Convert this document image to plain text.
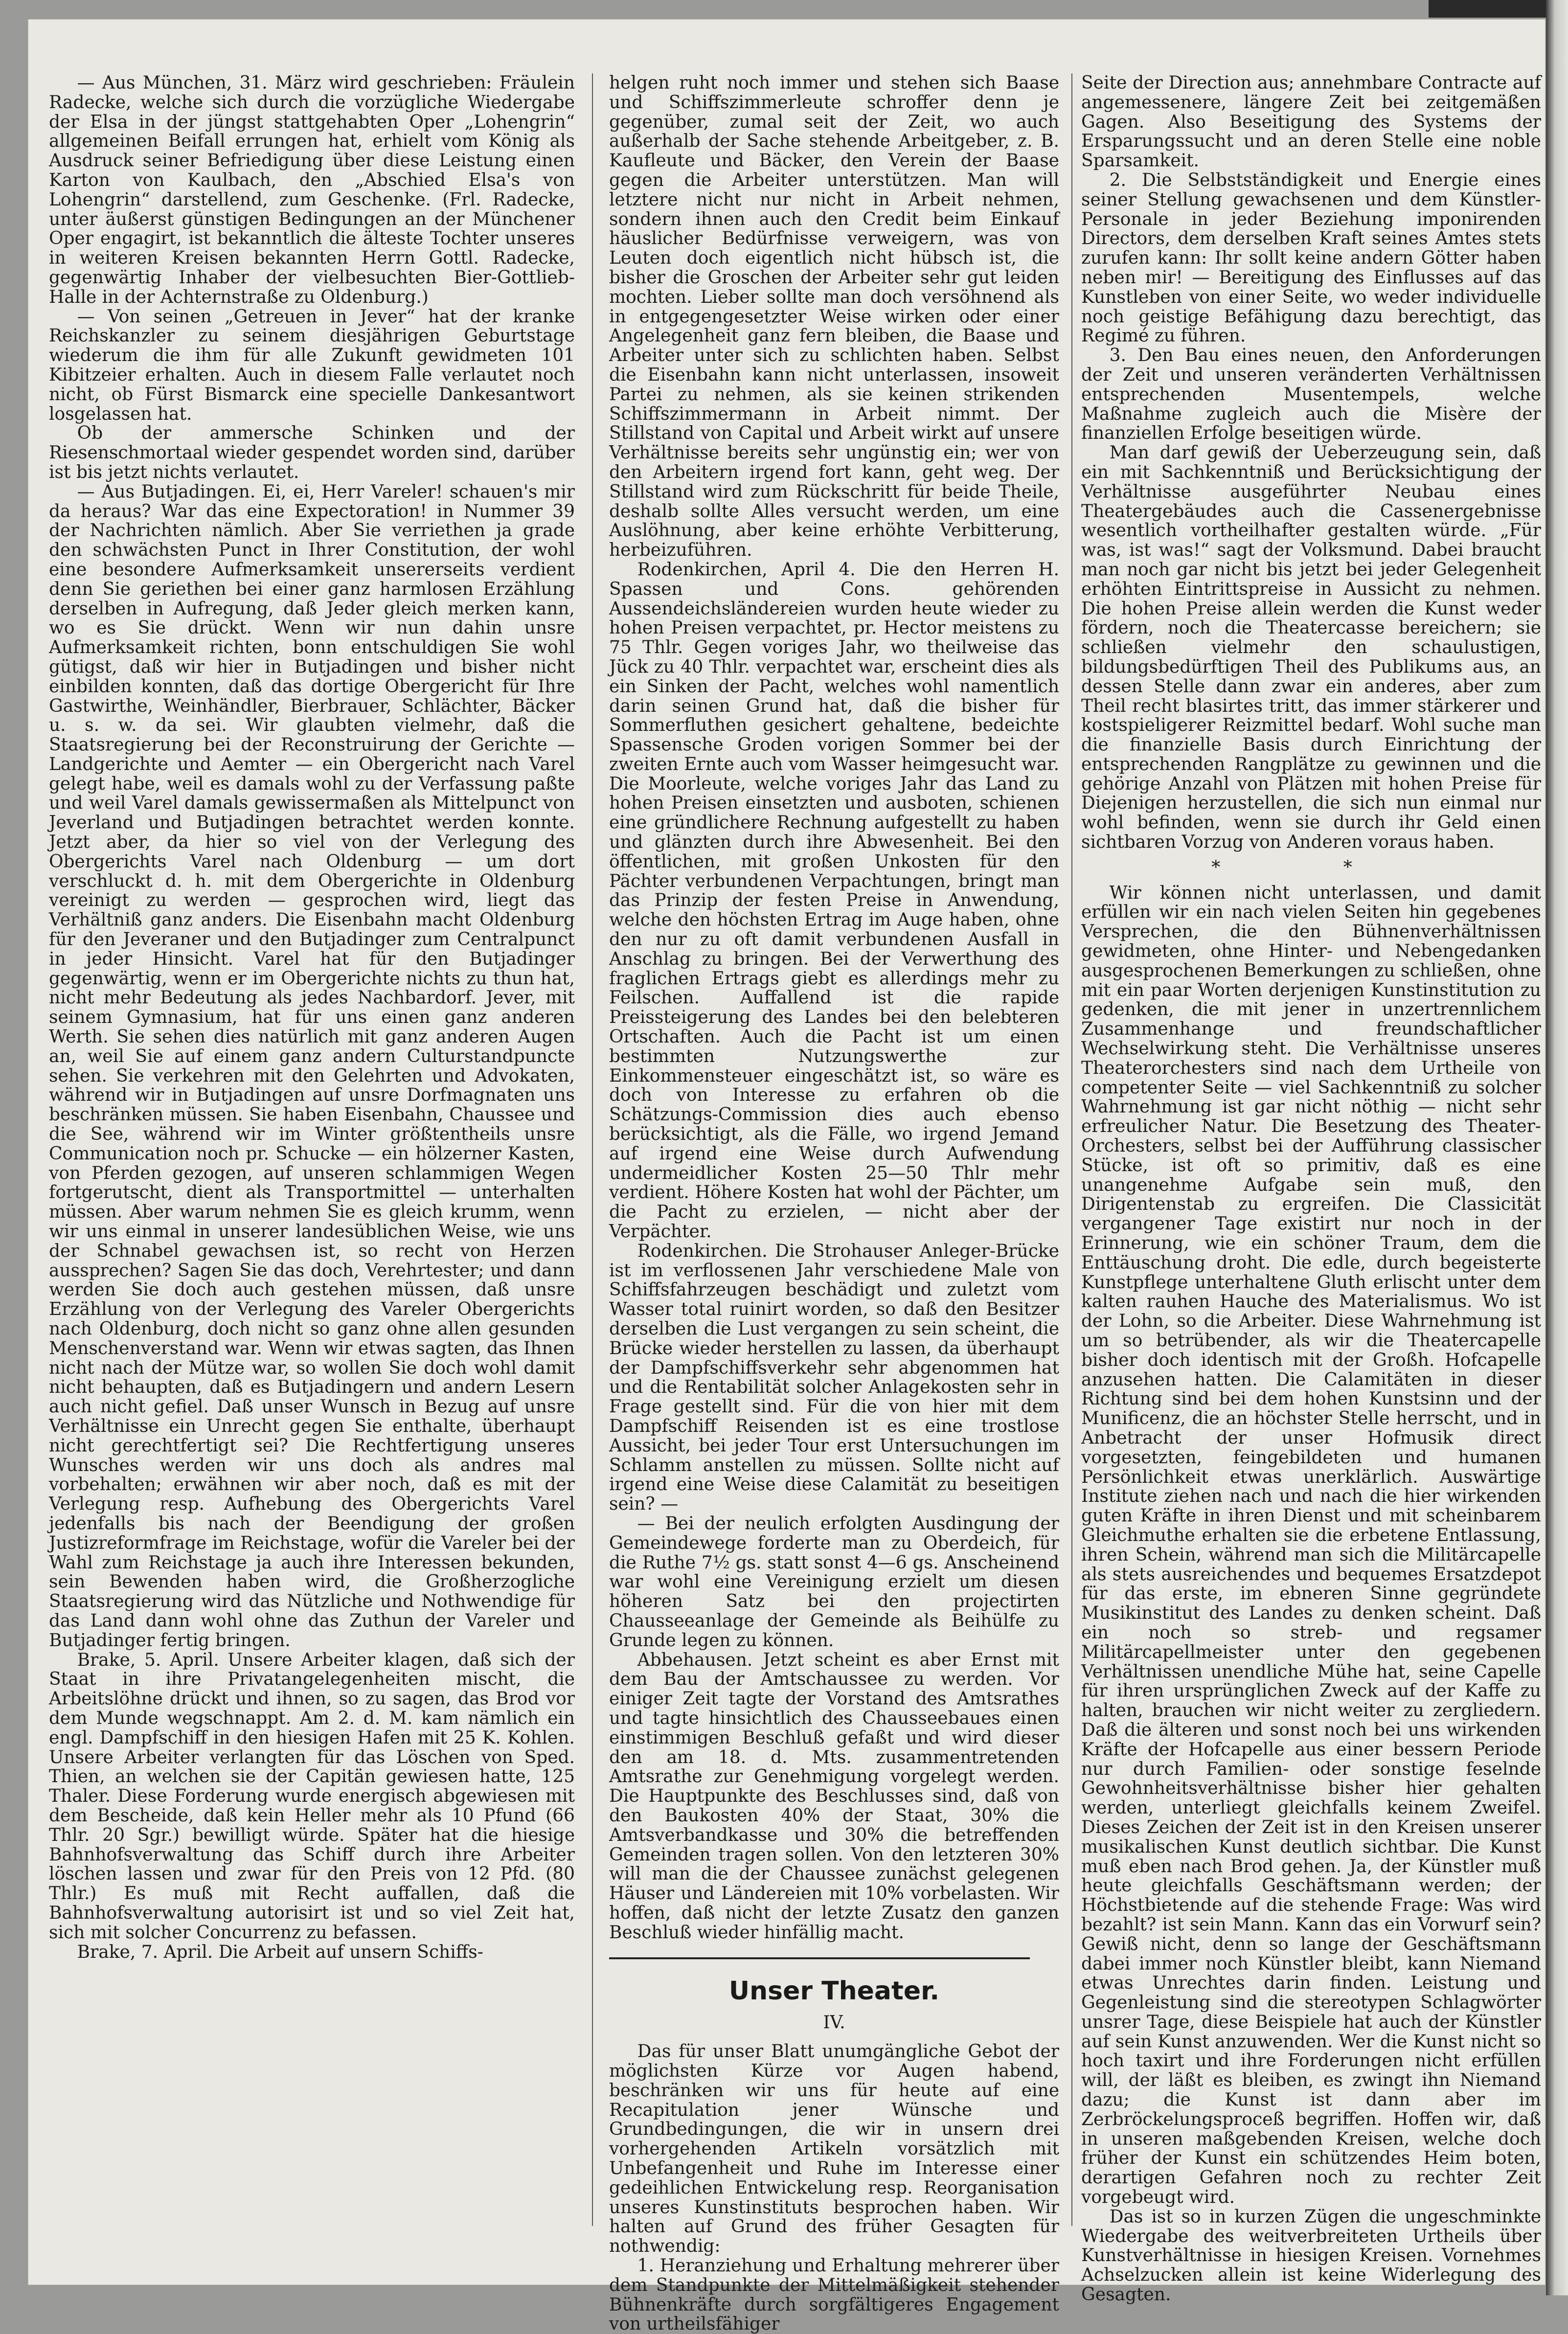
— Aus München, 31. März wird geschrieben: Fräulein Radecke, welche sich durch die vorzügliche Wiedergabe der Elsa in der jüngst stattgehabten Oper „Lohengrin“ allgemeinen Beifall errungen hat, erhielt vom König als Ausdruck seiner Befriedigung über diese Leistung einen Karton von Kaulbach, den „Abschied Elsa's von Lohengrin“ darstellend, zum Geschenke. (Frl. Radecke, unter äußerst günstigen Bedingungen an der Münchener Oper engagirt, ist bekanntlich die älteste Tochter unseres in weiteren Kreisen bekannten Herrn Gottl. Radecke, gegenwärtig Inhaber der vielbesuchten Bier-Gottlieb-Halle in der Achternstraße zu Oldenburg.)

— Von seinen „Getreuen in Jever“ hat der kranke Reichskanzler zu seinem diesjährigen Geburtstage wiederum die ihm für alle Zukunft gewidmeten 101 Kibitzeier erhalten. Auch in diesem Falle verlautet noch nicht, ob Fürst Bismarck eine specielle Dankesantwort losgelassen hat.

Ob der ammersche Schinken und der Riesenschmortaal wieder gespendet worden sind, darüber ist bis jetzt nichts verlautet.

— Aus Butjadingen. Ei, ei, Herr Vareler! schauen's mir da heraus? War das eine Expectoration! in Nummer 39 der Nachrichten nämlich. Aber Sie verriethen ja grade den schwächsten Punct in Ihrer Constitution, der wohl eine besondere Aufmerksamkeit unsererseits verdient denn Sie geriethen bei einer ganz harmlosen Erzählung derselben in Aufregung, daß Jeder gleich merken kann, wo es Sie drückt. Wenn wir nun dahin unsre Aufmerksamkeit richten, bonn entschuldigen Sie wohl gütigst, daß wir hier in Butjadingen und bisher nicht einbilden konnten, daß das dortige Obergericht für Ihre Gastwirthe, Weinhändler, Bierbrauer, Schlächter, Bäcker u. s. w. da sei. Wir glaubten vielmehr, daß die Staatsregierung bei der Reconstruirung der Gerichte — Landgerichte und Aemter — ein Obergericht nach Varel gelegt habe, weil es damals wohl zu der Verfassung paßte und weil Varel damals gewissermaßen als Mittelpunct von Jeverland und Butjadingen betrachtet werden konnte. Jetzt aber, da hier so viel von der Verlegung des Obergerichts Varel nach Oldenburg — um dort verschluckt d. h. mit dem Obergerichte in Oldenburg vereinigt zu werden — gesprochen wird, liegt das Verhältniß ganz anders. Die Eisenbahn macht Oldenburg für den Jeveraner und den Butjadinger zum Centralpunct in jeder Hinsicht. Varel hat für den Butjadinger gegenwärtig, wenn er im Obergerichte nichts zu thun hat, nicht mehr Bedeutung als jedes Nachbardorf. Jever, mit seinem Gymnasium, hat für uns einen ganz anderen Werth. Sie sehen dies natürlich mit ganz anderen Augen an, weil Sie auf einem ganz andern Culturstandpuncte sehen. Sie verkehren mit den Gelehrten und Advokaten, während wir in Butjadingen auf unsre Dorfmagnaten uns beschränken müssen. Sie haben Eisenbahn, Chaussee und die See, während wir im Winter größtentheils unsre Communication noch pr. Schucke — ein hölzerner Kasten, von Pferden gezogen, auf unseren schlammigen Wegen fortgerutscht, dient als Transportmittel — unterhalten müssen. Aber warum nehmen Sie es gleich krumm, wenn wir uns einmal in unserer landesüblichen Weise, wie uns der Schnabel gewachsen ist, so recht von Herzen aussprechen? Sagen Sie das doch, Verehrtester; und dann werden Sie doch auch gestehen müssen, daß unsre Erzählung von der Verlegung des Vareler Obergerichts nach Oldenburg, doch nicht so ganz ohne allen gesunden Menschenverstand war. Wenn wir etwas sagten, das Ihnen nicht nach der Mütze war, so wollen Sie doch wohl damit nicht behaupten, daß es Butjadingern und andern Lesern auch nicht gefiel. Daß unser Wunsch in Bezug auf unsre Verhältnisse ein Unrecht gegen Sie enthalte, überhaupt nicht gerechtfertigt sei? Die Rechtfertigung unseres Wunsches werden wir uns doch als andres mal vorbehalten; erwähnen wir aber noch, daß es mit der Verlegung resp. Aufhebung des Obergerichts Varel jedenfalls bis nach der Beendigung der großen Justizreformfrage im Reichstage, wofür die Vareler bei der Wahl zum Reichstage ja auch ihre Interessen bekunden, sein Bewenden haben wird, die Großherzogliche Staatsregierung wird das Nützliche und Nothwendige für das Land dann wohl ohne das Zuthun der Vareler und Butjadinger fertig bringen.

Brake, 5. April. Unsere Arbeiter klagen, daß sich der Staat in ihre Privatangelegenheiten mischt, die Arbeitslöhne drückt und ihnen, so zu sagen, das Brod vor dem Munde wegschnappt. Am 2. d. M. kam nämlich ein engl. Dampfschiff in den hiesigen Hafen mit 25 K. Kohlen. Unsere Arbeiter verlangten für das Löschen von Sped. Thien, an welchen sie der Capitän gewiesen hatte, 125 Thaler. Diese Forderung wurde energisch abgewiesen mit dem Bescheide, daß kein Heller mehr als 10 Pfund (66 Thlr. 20 Sgr.) bewilligt würde. Später hat die hiesige Bahnhofsverwaltung das Schiff durch ihre Arbeiter löschen lassen und zwar für den Preis von 12 Pfd. (80 Thlr.) Es muß mit Recht auffallen, daß die Bahnhofsverwaltung autorisirt ist und so viel Zeit hat, sich mit solcher Concurrenz zu befassen.

Brake, 7. April. Die Arbeit auf unsern Schiffs-

helgen ruht noch immer und stehen sich Baase und Schiffszimmerleute schroffer denn je gegenüber, zumal seit der Zeit, wo auch außerhalb der Sache stehende Arbeitgeber, z. B. Kaufleute und Bäcker, den Verein der Baase gegen die Arbeiter unterstützen. Man will letztere nicht nur nicht in Arbeit nehmen, sondern ihnen auch den Credit beim Einkauf häuslicher Bedürfnisse verweigern, was von Leuten doch eigentlich nicht hübsch ist, die bisher die Groschen der Arbeiter sehr gut leiden mochten. Lieber sollte man doch versöhnend als in entgegengesetzter Weise wirken oder einer Angelegenheit ganz fern bleiben, die Baase und Arbeiter unter sich zu schlichten haben. Selbst die Eisenbahn kann nicht unterlassen, insoweit Partei zu nehmen, als sie keinen strikenden Schiffszimmermann in Arbeit nimmt. Der Stillstand von Capital und Arbeit wirkt auf unsere Verhältnisse bereits sehr ungünstig ein; wer von den Arbeitern irgend fort kann, geht weg. Der Stillstand wird zum Rückschritt für beide Theile, deshalb sollte Alles versucht werden, um eine Auslöhnung, aber keine erhöhte Verbitterung, herbeizuführen.

Rodenkirchen, April 4. Die den Herren H. Spassen und Cons. gehörenden Aussendeichsländereien wurden heute wieder zu hohen Preisen verpachtet, pr. Hector meistens zu 75 Thlr. Gegen voriges Jahr, wo theilweise das Jück zu 40 Thlr. verpachtet war, erscheint dies als ein Sinken der Pacht, welches wohl namentlich darin seinen Grund hat, daß die bisher für Sommerfluthen gesichert gehaltene, bedeichte Spassensche Groden vorigen Sommer bei der zweiten Ernte auch vom Wasser heimgesucht war. Die Moorleute, welche voriges Jahr das Land zu hohen Preisen einsetzten und ausboten, schienen eine gründlichere Rechnung aufgestellt zu haben und glänzten durch ihre Abwesenheit. Bei den öffentlichen, mit großen Unkosten für den Pächter verbundenen Verpachtungen, bringt man das Prinzip der festen Preise in Anwendung, welche den höchsten Ertrag im Auge haben, ohne den nur zu oft damit verbundenen Ausfall in Anschlag zu bringen. Bei der Verwerthung des fraglichen Ertrags giebt es allerdings mehr zu Feilschen. Auffallend ist die rapide Preissteigerung des Landes bei den belebteren Ortschaften. Auch die Pacht ist um einen bestimmten Nutzungswerthe zur Einkommensteuer eingeschätzt ist, so wäre es doch von Interesse zu erfahren ob die Schätzungs-Commission dies auch ebenso berücksichtigt, als die Fälle, wo irgend Jemand auf irgend eine Weise durch Aufwendung undermeidlicher Kosten 25—50 Thlr mehr verdient. Höhere Kosten hat wohl der Pächter, um die Pacht zu erzielen, — nicht aber der Verpächter.

Rodenkirchen. Die Strohauser Anleger-Brücke ist im verflossenen Jahr verschiedene Male von Schiffsfahrzeugen beschädigt und zuletzt vom Wasser total ruinirt worden, so daß den Besitzer derselben die Lust vergangen zu sein scheint, die Brücke wieder herstellen zu lassen, da überhaupt der Dampfschiffsverkehr sehr abgenommen hat und die Rentabilität solcher Anlagekosten sehr in Frage gestellt sind. Für die von hier mit dem Dampfschiff Reisenden ist es eine trostlose Aussicht, bei jeder Tour erst Untersuchungen im Schlamm anstellen zu müssen. Sollte nicht auf irgend eine Weise diese Calamität zu beseitigen sein? —

— Bei der neulich erfolgten Ausdingung der Gemeindewege forderte man zu Oberdeich, für die Ruthe 7½ gs. statt sonst 4—6 gs. Anscheinend war wohl eine Vereinigung erzielt um diesen höheren Satz bei den projectirten Chausseeanlage der Gemeinde als Beihülfe zu Grunde legen zu können.

Abbehausen. Jetzt scheint es aber Ernst mit dem Bau der Amtschaussee zu werden. Vor einiger Zeit tagte der Vorstand des Amtsrathes und tagte hinsichtlich des Chausseebaues einen einstimmigen Beschluß gefaßt und wird dieser den am 18. d. Mts. zusammentretenden Amtsrathe zur Genehmigung vorgelegt werden. Die Hauptpunkte des Beschlusses sind, daß von den Baukosten 40% der Staat, 30% die Amtsverbandkasse und 30% die betreffenden Gemeinden tragen sollen. Von den letzteren 30% will man die der Chaussee zunächst gelegenen Häuser und Ländereien mit 10% vorbelasten. Wir hoffen, daß nicht der letzte Zusatz den ganzen Beschluß wieder hinfällig macht.

Unser Theater.
IV.

Das für unser Blatt unumgängliche Gebot der möglichsten Kürze vor Augen habend, beschränken wir uns für heute auf eine Recapitulation jener Wünsche und Grundbedingungen, die wir in unsern drei vorhergehenden Artikeln vorsätzlich mit Unbefangenheit und Ruhe im Interesse einer gedeihlichen Entwickelung resp. Reorganisation unseres Kunstinstituts besprochen haben. Wir halten auf Grund des früher Gesagten für nothwendig:

1. Heranziehung und Erhaltung mehrerer über dem Standpunkte der Mittelmäßigkeit stehender Bühnenkräfte durch sorgfältigeres Engagement von urtheilsfähiger

Seite der Direction aus; annehmbare Contracte auf angemessenere, längere Zeit bei zeitgemäßen Gagen. Also Beseitigung des Systems der Ersparungssucht und an deren Stelle eine noble Sparsamkeit.

2. Die Selbstständigkeit und Energie eines seiner Stellung gewachsenen und dem Künstler-Personale in jeder Beziehung imponirenden Directors, dem derselben Kraft seines Amtes stets zurufen kann: Ihr sollt keine andern Götter haben neben mir! — Bereitigung des Einflusses auf das Kunstleben von einer Seite, wo weder individuelle noch geistige Befähigung dazu berechtigt, das Regimé zu führen.

3. Den Bau eines neuen, den Anforderungen der Zeit und unseren veränderten Verhältnissen entsprechenden Musentempels, welche Maßnahme zugleich auch die Misère der finanziellen Erfolge beseitigen würde.

Man darf gewiß der Ueberzeugung sein, daß ein mit Sachkenntniß und Berücksichtigung der Verhältnisse ausgeführter Neubau eines Theatergebäudes auch die Cassenergebnisse wesentlich vortheilhafter gestalten würde. „Für was, ist was!“ sagt der Volksmund. Dabei braucht man noch gar nicht bis jetzt bei jeder Gelegenheit erhöhten Eintrittspreise in Aussicht zu nehmen. Die hohen Preise allein werden die Kunst weder fördern, noch die Theatercasse bereichern; sie schließen vielmehr den schaulustigen, bildungsbedürftigen Theil des Publikums aus, an dessen Stelle dann zwar ein anderes, aber zum Theil recht blasirtes tritt, das immer stärkerer und kostspieligerer Reizmittel bedarf. Wohl suche man die finanzielle Basis durch Einrichtung der entsprechenden Rangplätze zu gewinnen und die gehörige Anzahl von Plätzen mit hohen Preise für Diejenigen herzustellen, die sich nun einmal nur wohl befinden, wenn sie durch ihr Geld einen sichtbaren Vorzug von Anderen voraus haben.

* *

Wir können nicht unterlassen, und damit erfüllen wir ein nach vielen Seiten hin gegebenes Versprechen, die den Bühnenverhältnissen gewidmeten, ohne Hinter- und Nebengedanken ausgesprochenen Bemerkungen zu schließen, ohne mit ein paar Worten derjenigen Kunstinstitution zu gedenken, die mit jener in unzertrennlichem Zusammenhange und freundschaftlicher Wechselwirkung steht. Die Verhältnisse unseres Theaterorchesters sind nach dem Urtheile von competenter Seite — viel Sachkenntniß zu solcher Wahrnehmung ist gar nicht nöthig — nicht sehr erfreulicher Natur. Die Besetzung des Theater-Orchesters, selbst bei der Aufführung classischer Stücke, ist oft so primitiv, daß es eine unangenehme Aufgabe sein muß, den Dirigentenstab zu ergreifen. Die Classicität vergangener Tage existirt nur noch in der Erinnerung, wie ein schöner Traum, dem die Enttäuschung droht. Die edle, durch begeisterte Kunstpflege unterhaltene Gluth erlischt unter dem kalten rauhen Hauche des Materialismus. Wo ist der Lohn, so die Arbeiter. Diese Wahrnehmung ist um so betrübender, als wir die Theatercapelle bisher doch identisch mit der Großh. Hofcapelle anzusehen hatten. Die Calamitäten in dieser Richtung sind bei dem hohen Kunstsinn und der Munificenz, die an höchster Stelle herrscht, und in Anbetracht der unser Hofmusik direct vorgesetzten, feingebildeten und humanen Persönlichkeit etwas unerklärlich. Auswärtige Institute ziehen nach und nach die hier wirkenden guten Kräfte in ihren Dienst und mit scheinbarem Gleichmuthe erhalten sie die erbetene Entlassung, ihren Schein, während man sich die Militärcapelle als stets ausreichendes und bequemes Ersatzdepot für das erste, im ebneren Sinne gegründete Musikinstitut des Landes zu denken scheint. Daß ein noch so streb- und regsamer Militärcapellmeister unter den gegebenen Verhältnissen unendliche Mühe hat, seine Capelle für ihren ursprünglichen Zweck auf der Kaffe zu halten, brauchen wir nicht weiter zu zergliedern. Daß die älteren und sonst noch bei uns wirkenden Kräfte der Hofcapelle aus einer bessern Periode nur durch Familien- oder sonstige feselnde Gewohnheitsverhältnisse bisher hier gehalten werden, unterliegt gleichfalls keinem Zweifel. Dieses Zeichen der Zeit ist in den Kreisen unserer musikalischen Kunst deutlich sichtbar. Die Kunst muß eben nach Brod gehen. Ja, der Künstler muß heute gleichfalls Geschäftsmann werden; der Höchstbietende auf die stehende Frage: Was wird bezahlt? ist sein Mann. Kann das ein Vorwurf sein? Gewiß nicht, denn so lange der Geschäftsmann dabei immer noch Künstler bleibt, kann Niemand etwas Unrechtes darin finden. Leistung und Gegenleistung sind die stereotypen Schlagwörter unsrer Tage, diese Beispiele hat auch der Künstler auf sein Kunst anzuwenden. Wer die Kunst nicht so hoch taxirt und ihre Forderungen nicht erfüllen will, der läßt es bleiben, es zwingt ihn Niemand dazu; die Kunst ist dann aber im Zerbröckelungsproceß begriffen. Hoffen wir, daß in unseren maßgebenden Kreisen, welche doch früher der Kunst ein schützendes Heim boten, derartigen Gefahren noch zu rechter Zeit vorgebeugt wird.

Das ist so in kurzen Zügen die ungeschminkte Wiedergabe des weitverbreiteten Urtheils über Kunstverhältnisse in hiesigen Kreisen. Vornehmes Achselzucken allein ist keine Widerlegung des Gesagten.
